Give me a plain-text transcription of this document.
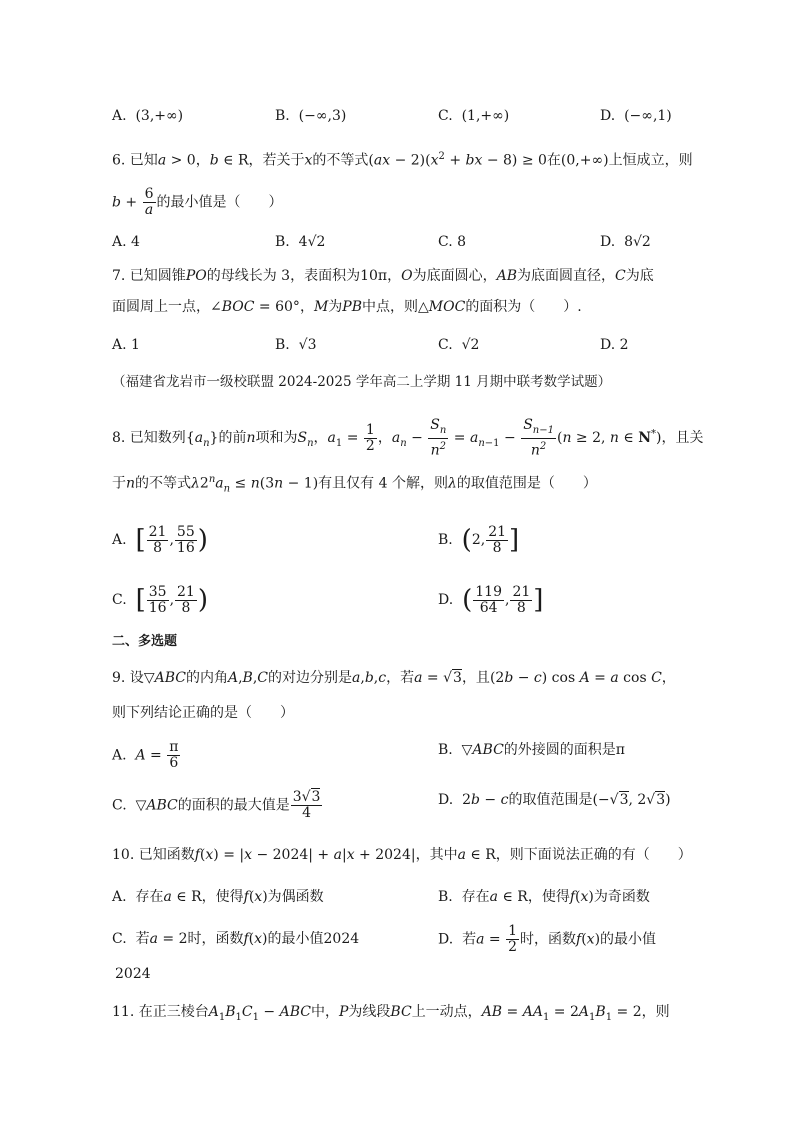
A. (3,+∞)	B. (−∞,3)	C. (1,+∞)	D. (−∞,1)
6. 已知a > 0，b ∈ R，若关于x的不等式$(ax - 2)(x^2$ + bx − 8) ≥ 0在(0,+∞)上恒成立，则
$b + \frac{6}{a}$ 的最小值是（　　）
A. 4	B. 4√2	C. 8	D. 8√2
7. 已知圆锥PO的母线长为 3，表面积为10π，O为底面圆心，AB为底面圆直径，C为底
面圆周上一点，∠BOC = 60°，M为PB中点，则△MOC的面积为（　　）.
A. 1	B. √3	C. √2	D. 2
（福建省龙岩市一级校联盟 2024-2025 学年高二上学期 11 月期中联考数学试题）
8. 已知数列$\{a_n\}$的前n项和为$S_n$，$a_1 = \frac{1}{2}$ ，$a_n - \frac{S_n}{n^2} = a_{n-1} - \frac{S_{n-1}}{n^2} (n \ge 2$, n ∈ N*)，且关
于n的不等式$\lambda 2^na_n \le n(3n - 1)$有且仅有 4 个解，则λ的取值范围是（　　）
A. [ $\frac{21}{8}$ , $\frac{55}{16}$ )	B. (2, $\frac{21}{8}$ ]
C. [ $\frac{35}{16}$ , $\frac{21}{8}$ )	D. ( $\frac{119}{64}$ , $\frac{21}{8}$ ]
二、多选题
9. 设▽ABC的内角A,B,C的对边分别是a,b,c，若a = √3，且(2b − c) cos A = a cos C，
则下列结论正确的是（　　）
A. $A = \frac{\pi}{6}$	B.  ▽ABC的外接圆的面积是π
C.  ▽ABC的面积的最大值是 $\frac{3√3}{4}$	D.  2b − c的取值范围是(−√3, 2√3)
10. 已知函数f(x) = |x − 2024| + a|x + 2024|，其中a ∈ R，则下面说法正确的有（　　）
A. 存在a ∈ R，使得f(x)为偶函数	B. 存在a ∈ R，使得f(x)为奇函数
C. 若a = 2时，函数f(x)的最小值2024	D. 若$a = \frac{1}{2}$ 时，函数f(x)的最小值
2024
11. 在正三棱台$A_1B_1C_1$ − ABC中，P为线段BC上一动点，AB = $AA_1 = 2A_1B_1 = 2$，则
